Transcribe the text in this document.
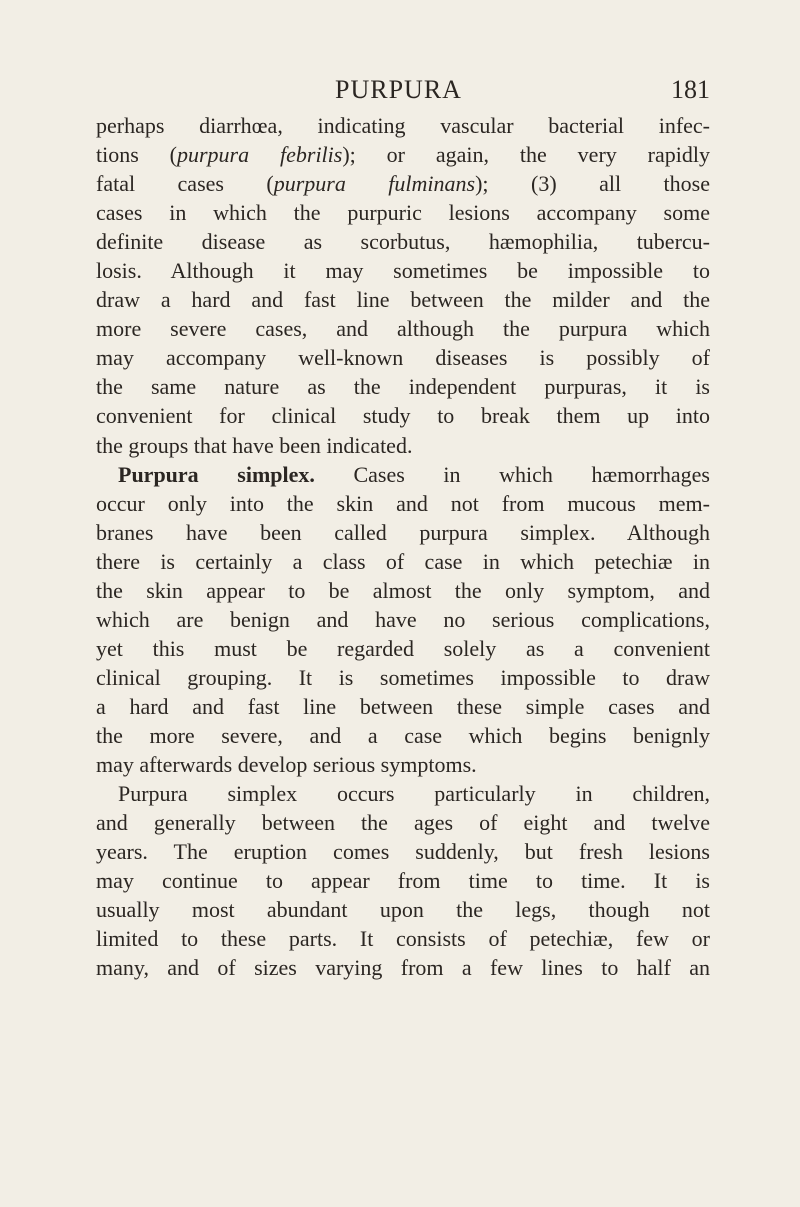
PURPURA	181
perhaps diarrhœa, indicating vascular bacterial infec-
tions (purpura febrilis); or again, the very rapidly
fatal cases (purpura fulminans); (3) all those
cases in which the purpuric lesions accompany some
definite disease as scorbutus, hæmophilia, tubercu-
losis. Although it may sometimes be impossible to
draw a hard and fast line between the milder and the
more severe cases, and although the purpura which
may accompany well-known diseases is possibly of
the same nature as the independent purpuras, it is
convenient for clinical study to break them up into
the groups that have been indicated.
Purpura simplex. Cases in which hæmorrhages
occur only into the skin and not from mucous mem-
branes have been called purpura simplex. Although
there is certainly a class of case in which petechiæ in
the skin appear to be almost the only symptom, and
which are benign and have no serious complications,
yet this must be regarded solely as a convenient
clinical grouping. It is sometimes impossible to draw
a hard and fast line between these simple cases and
the more severe, and a case which begins benignly
may afterwards develop serious symptoms.
Purpura simplex occurs particularly in children,
and generally between the ages of eight and twelve
years. The eruption comes suddenly, but fresh lesions
may continue to appear from time to time. It is
usually most abundant upon the legs, though not
limited to these parts. It consists of petechiæ, few or
many, and of sizes varying from a few lines to half an
